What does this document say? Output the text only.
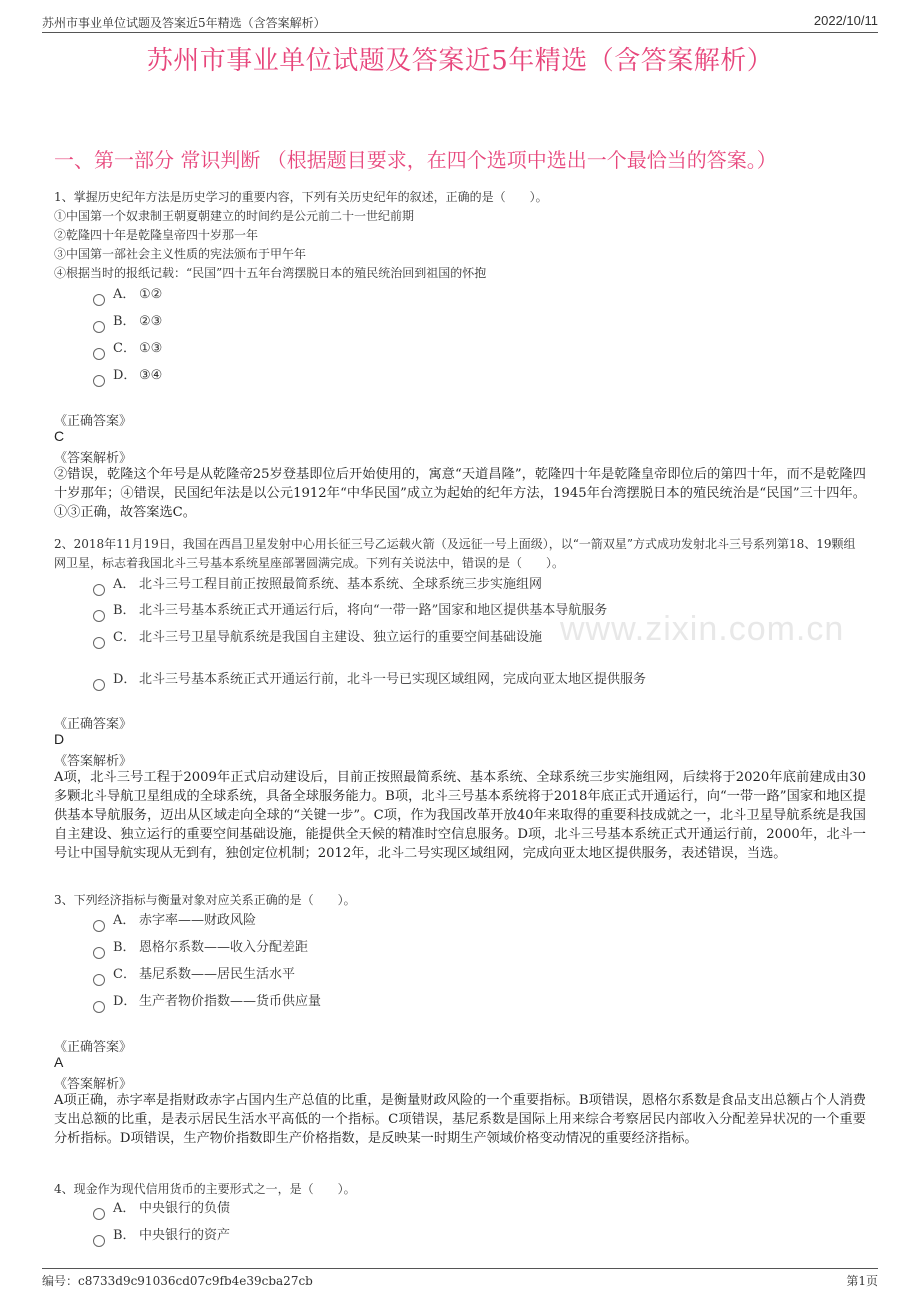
www.zixin.com.cn
苏州市事业单位试题及答案近5年精选（含答案解析）	2022/10/11
苏州市事业单位试题及答案近5年精选（含答案解析）
一、第一部分 常识判断 （根据题目要求，在四个选项中选出一个最恰当的答案。）
1、掌握历史纪年方法是历史学习的重要内容，下列有关历史纪年的叙述，正确的是（　　）。
①中国第一个奴隶制王朝夏朝建立的时间约是公元前二十一世纪前期
②乾隆四十年是乾隆皇帝四十岁那一年
③中国第一部社会主义性质的宪法颁布于甲午年
④根据当时的报纸记载：“民国”四十五年台湾摆脱日本的殖民统治回到祖国的怀抱
A． ①②
B． ②③
C． ①③
D． ③④
《正确答案》
C
《答案解析》
②错误，乾隆这个年号是从乾隆帝25岁登基即位后开始使用的，寓意“天道昌隆”，乾隆四十年是乾隆皇帝即位后的第四十年，而不是乾隆四十岁那年；④错误，民国纪年法是以公元1912年“中华民国”成立为起始的纪年方法，1945年台湾摆脱日本的殖民统治是“民国”三十四年。①③正确，故答案选C。
2、2018年11月19日，我国在西昌卫星发射中心用长征三号乙运载火箭（及远征一号上面级），以“一箭双星”方式成功发射北斗三号系列第18、19颗组网卫星，标志着我国北斗三号基本系统星座部署圆满完成。下列有关说法中，错误的是（　　）。
A． 北斗三号工程目前正按照最简系统、基本系统、全球系统三步实施组网
B． 北斗三号基本系统正式开通运行后，将向“一带一路”国家和地区提供基本导航服务
C． 北斗三号卫星导航系统是我国自主建设、独立运行的重要空间基础设施
D． 北斗三号基本系统正式开通运行前，北斗一号已实现区域组网，完成向亚太地区提供服务
《正确答案》
D
《答案解析》
A项，北斗三号工程于2009年正式启动建设后，目前正按照最简系统、基本系统、全球系统三步实施组网，后续将于2020年底前建成由30多颗北斗导航卫星组成的全球系统，具备全球服务能力。B项，北斗三号基本系统将于2018年底正式开通运行，向“一带一路”国家和地区提供基本导航服务，迈出从区域走向全球的“关键一步”。C项，作为我国改革开放40年来取得的重要科技成就之一，北斗卫星导航系统是我国自主建设、独立运行的重要空间基础设施，能提供全天候的精准时空信息服务。D项，北斗三号基本系统正式开通运行前，2000年，北斗一号让中国导航实现从无到有，独创定位机制；2012年，北斗二号实现区域组网，完成向亚太地区提供服务，表述错误，当选。
3、下列经济指标与衡量对象对应关系正确的是（　　）。
A． 赤字率——财政风险
B． 恩格尔系数——收入分配差距
C． 基尼系数——居民生活水平
D． 生产者物价指数——货币供应量
《正确答案》
A
《答案解析》
A项正确，赤字率是指财政赤字占国内生产总值的比重，是衡量财政风险的一个重要指标。B项错误，恩格尔系数是食品支出总额占个人消费支出总额的比重，是表示居民生活水平高低的一个指标。C项错误，基尼系数是国际上用来综合考察居民内部收入分配差异状况的一个重要分析指标。D项错误，生产物价指数即生产价格指数，是反映某一时期生产领域价格变动情况的重要经济指标。
4、现金作为现代信用货币的主要形式之一，是（　　）。
A． 中央银行的负债
B． 中央银行的资产
编号：c8733d9c91036cd07c9fb4e39cba27cb	第1页
